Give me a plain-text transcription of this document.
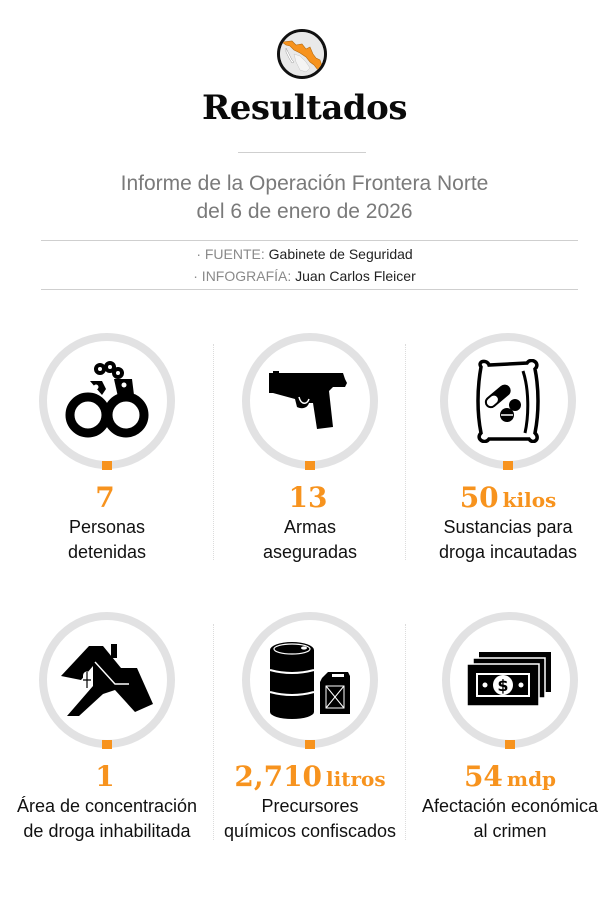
Resultados
Informe de la Operación Frontera Norte
del 6 de enero de 2026
· FUENTE: Gabinete de Seguridad
· INFOGRAFÍA: Juan Carlos Fleicer
7
Personas
detenidas
13
Armas
aseguradas
50 kilos
Sustancias para
droga incautadas
1
Área de concentración
de droga inhabilitada
2,710 litros
Precursores
químicos confiscados
$
54 mdp
Afectación económica
al crimen
